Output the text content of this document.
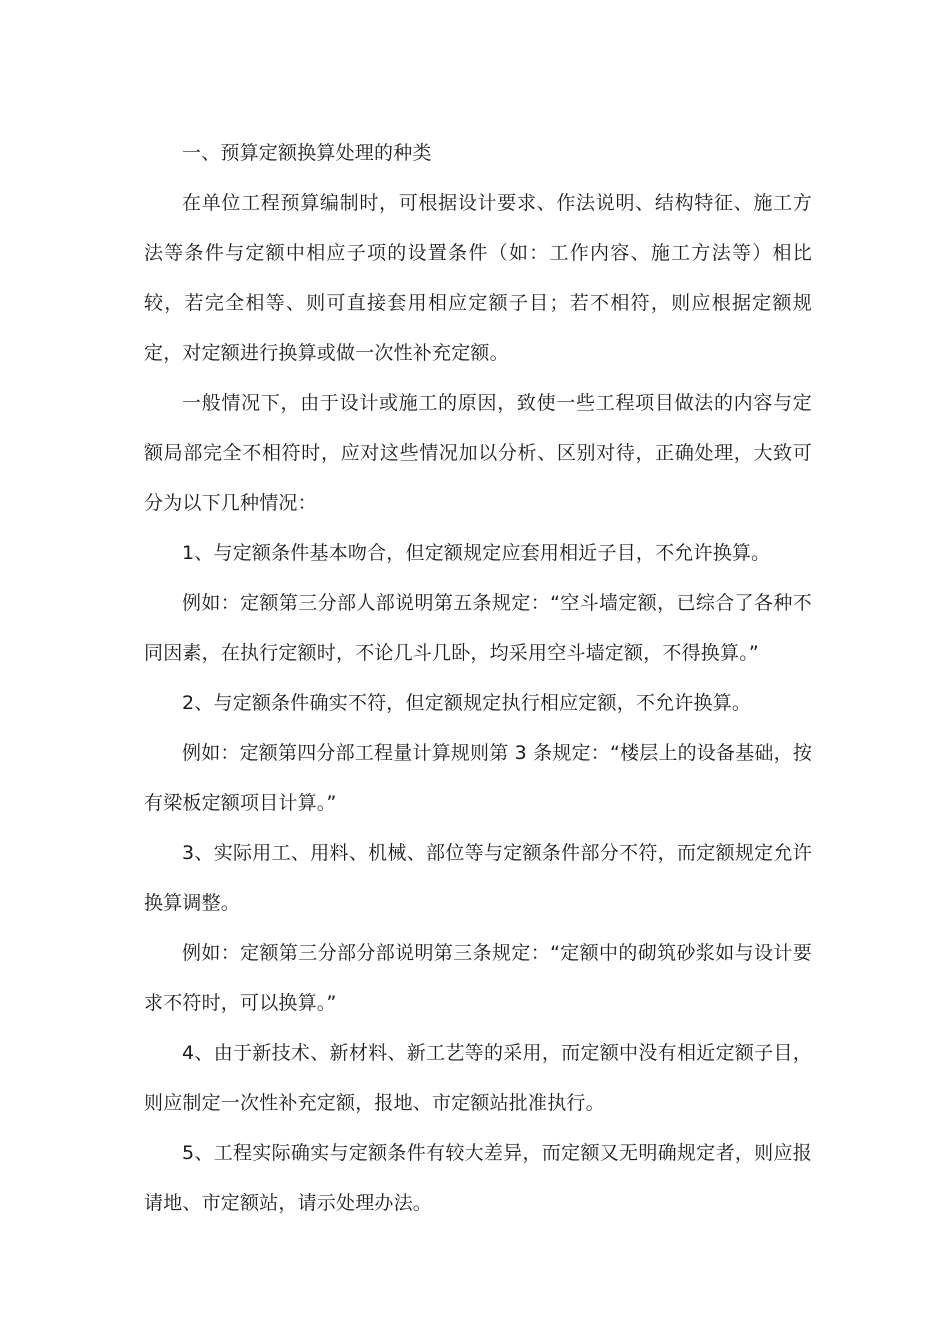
一、预算定额换算处理的种类

在单位工程预算编制时，可根据设计要求、作法说明、结构特征、施工方法等条件与定额中相应子项的设置条件（如：工作内容、施工方法等）相比较，若完全相等、则可直接套用相应定额子目；若不相符，则应根据定额规定，对定额进行换算或做一次性补充定额。

一般情况下，由于设计或施工的原因，致使一些工程项目做法的内容与定额局部完全不相符时，应对这些情况加以分析、区别对待，正确处理，大致可分为以下几种情况：

1、与定额条件基本吻合，但定额规定应套用相近子目，不允许换算。

例如：定额第三分部人部说明第五条规定：“空斗墙定额，已综合了各种不同因素，在执行定额时，不论几斗几卧，均采用空斗墙定额，不得换算。”

2、与定额条件确实不符，但定额规定执行相应定额，不允许换算。

例如：定额第四分部工程量计算规则第 3 条规定：“楼层上的设备基础，按有梁板定额项目计算。”

3、实际用工、用料、机械、部位等与定额条件部分不符，而定额规定允许换算调整。

例如：定额第三分部分部说明第三条规定：“定额中的砌筑砂浆如与设计要求不符时，可以换算。”

4、由于新技术、新材料、新工艺等的采用，而定额中没有相近定额子目，则应制定一次性补充定额，报地、市定额站批准执行。

5、工程实际确实与定额条件有较大差异，而定额又无明确规定者，则应报请地、市定额站，请示处理办法。
